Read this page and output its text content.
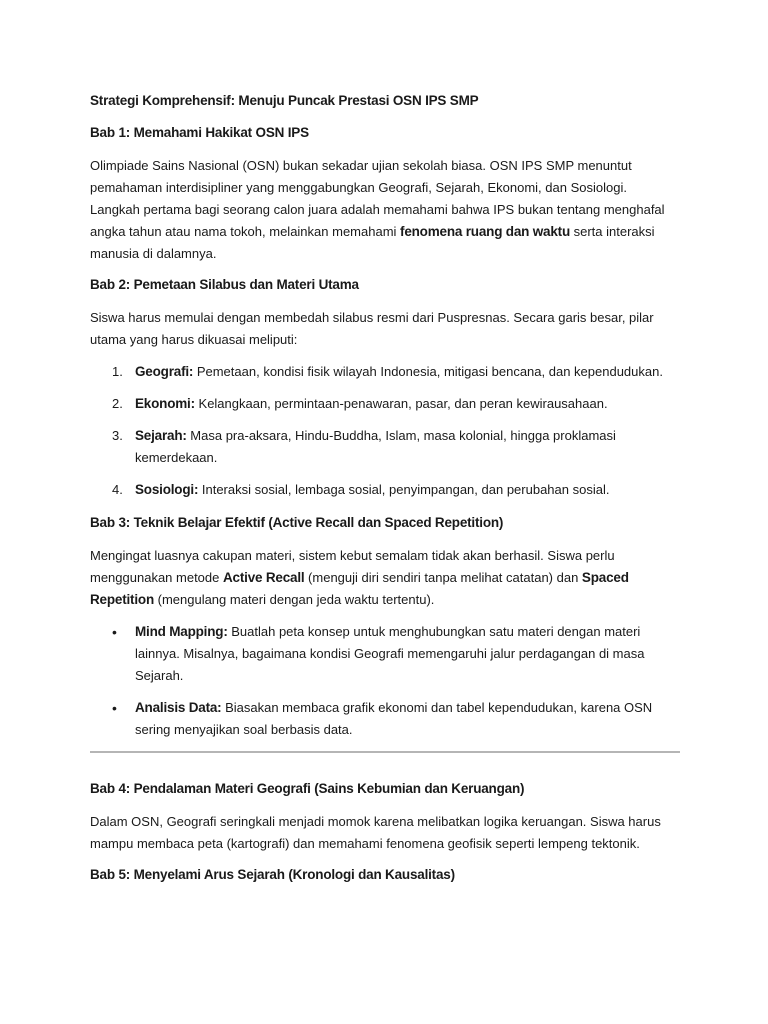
Strategi Komprehensif: Menuju Puncak Prestasi OSN IPS SMP
Bab 1: Memahami Hakikat OSN IPS

Olimpiade Sains Nasional (OSN) bukan sekadar ujian sekolah biasa. OSN IPS SMP menuntut pemahaman interdisipliner yang menggabungkan Geografi, Sejarah, Ekonomi, dan Sosiologi. Langkah pertama bagi seorang calon juara adalah memahami bahwa IPS bukan tentang menghafal angka tahun atau nama tokoh, melainkan memahami fenomena ruang dan waktu serta interaksi manusia di dalamnya.

Bab 2: Pemetaan Silabus dan Materi Utama

Siswa harus memulai dengan membedah silabus resmi dari Puspresnas. Secara garis besar, pilar utama yang harus dikuasai meliputi:

1. Geografi: Pemetaan, kondisi fisik wilayah Indonesia, mitigasi bencana, dan kependudukan.
2. Ekonomi: Kelangkaan, permintaan-penawaran, pasar, dan peran kewirausahaan.
3. Sejarah: Masa pra-aksara, Hindu-Buddha, Islam, masa kolonial, hingga proklamasi kemerdekaan.
4. Sosiologi: Interaksi sosial, lembaga sosial, penyimpangan, dan perubahan sosial.
Bab 3: Teknik Belajar Efektif (Active Recall dan Spaced Repetition)

Mengingat luasnya cakupan materi, sistem kebut semalam tidak akan berhasil. Siswa perlu menggunakan metode Active Recall (menguji diri sendiri tanpa melihat catatan) dan Spaced Repetition (mengulang materi dengan jeda waktu tertentu).

•	Mind Mapping: Buatlah peta konsep untuk menghubungkan satu materi dengan materi lainnya. Misalnya, bagaimana kondisi Geografi memengaruhi jalur perdagangan di masa Sejarah.
•	Analisis Data: Biasakan membaca grafik ekonomi dan tabel kependudukan, karena OSN sering menyajikan soal berbasis data.
Bab 4: Pendalaman Materi Geografi (Sains Kebumian dan Keruangan)

Dalam OSN, Geografi seringkali menjadi momok karena melibatkan logika keruangan. Siswa harus mampu membaca peta (kartografi) dan memahami fenomena geofisik seperti lempeng tektonik.

Bab 5: Menyelami Arus Sejarah (Kronologi dan Kausalitas)
